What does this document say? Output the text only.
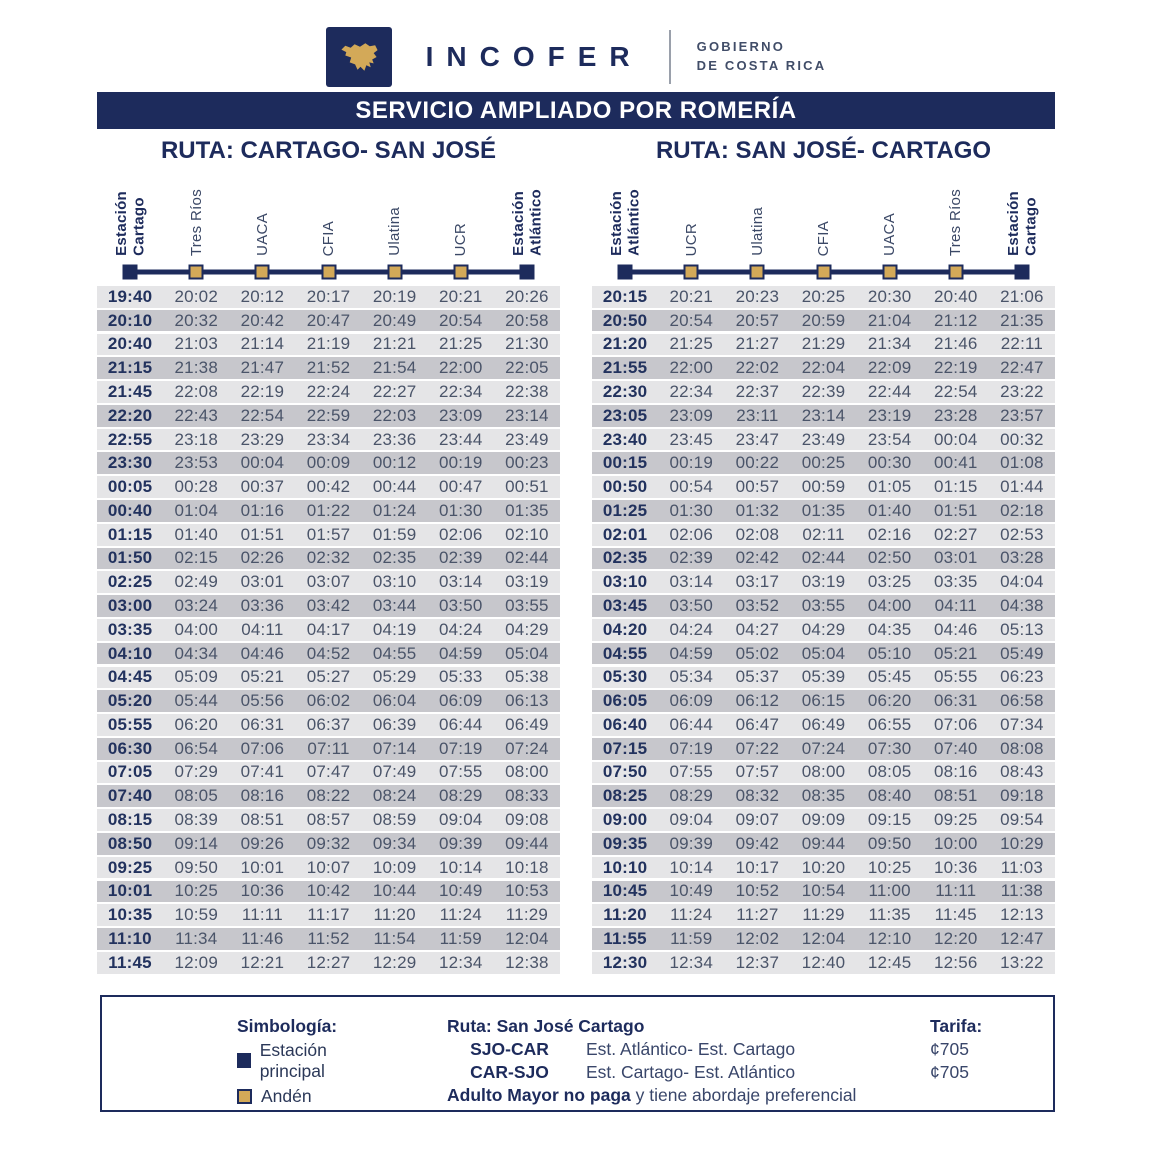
INCOFER	GOBIERNO
DE COSTA RICA
SERVICIO AMPLIADO POR ROMERÍA
RUTA: CARTAGO- SAN JOSÉ
Estación
Cartago	Tres Ríos	UACA	CFIA	Ulatina	UCR	Estación
Atlántico
19:40	20:02	20:12	20:17	20:19	20:21	20:26
20:10	20:32	20:42	20:47	20:49	20:54	20:58
20:40	21:03	21:14	21:19	21:21	21:25	21:30
21:15	21:38	21:47	21:52	21:54	22:00	22:05
21:45	22:08	22:19	22:24	22:27	22:34	22:38
22:20	22:43	22:54	22:59	22:03	23:09	23:14
22:55	23:18	23:29	23:34	23:36	23:44	23:49
23:30	23:53	00:04	00:09	00:12	00:19	00:23
00:05	00:28	00:37	00:42	00:44	00:47	00:51
00:40	01:04	01:16	01:22	01:24	01:30	01:35
01:15	01:40	01:51	01:57	01:59	02:06	02:10
01:50	02:15	02:26	02:32	02:35	02:39	02:44
02:25	02:49	03:01	03:07	03:10	03:14	03:19
03:00	03:24	03:36	03:42	03:44	03:50	03:55
03:35	04:00	04:11	04:17	04:19	04:24	04:29
04:10	04:34	04:46	04:52	04:55	04:59	05:04
04:45	05:09	05:21	05:27	05:29	05:33	05:38
05:20	05:44	05:56	06:02	06:04	06:09	06:13
05:55	06:20	06:31	06:37	06:39	06:44	06:49
06:30	06:54	07:06	07:11	07:14	07:19	07:24
07:05	07:29	07:41	07:47	07:49	07:55	08:00
07:40	08:05	08:16	08:22	08:24	08:29	08:33
08:15	08:39	08:51	08:57	08:59	09:04	09:08
08:50	09:14	09:26	09:32	09:34	09:39	09:44
09:25	09:50	10:01	10:07	10:09	10:14	10:18
10:01	10:25	10:36	10:42	10:44	10:49	10:53
10:35	10:59	11:11	11:17	11:20	11:24	11:29
11:10	11:34	11:46	11:52	11:54	11:59	12:04
11:45	12:09	12:21	12:27	12:29	12:34	12:38
RUTA: SAN JOSÉ- CARTAGO
Estación
Atlántico	UCR	Ulatina	CFIA	UACA	Tres Ríos	Estación
Cartago
20:15	20:21	20:23	20:25	20:30	20:40	21:06
20:50	20:54	20:57	20:59	21:04	21:12	21:35
21:20	21:25	21:27	21:29	21:34	21:46	22:11
21:55	22:00	22:02	22:04	22:09	22:19	22:47
22:30	22:34	22:37	22:39	22:44	22:54	23:22
23:05	23:09	23:11	23:14	23:19	23:28	23:57
23:40	23:45	23:47	23:49	23:54	00:04	00:32
00:15	00:19	00:22	00:25	00:30	00:41	01:08
00:50	00:54	00:57	00:59	01:05	01:15	01:44
01:25	01:30	01:32	01:35	01:40	01:51	02:18
02:01	02:06	02:08	02:11	02:16	02:27	02:53
02:35	02:39	02:42	02:44	02:50	03:01	03:28
03:10	03:14	03:17	03:19	03:25	03:35	04:04
03:45	03:50	03:52	03:55	04:00	04:11	04:38
04:20	04:24	04:27	04:29	04:35	04:46	05:13
04:55	04:59	05:02	05:04	05:10	05:21	05:49
05:30	05:34	05:37	05:39	05:45	05:55	06:23
06:05	06:09	06:12	06:15	06:20	06:31	06:58
06:40	06:44	06:47	06:49	06:55	07:06	07:34
07:15	07:19	07:22	07:24	07:30	07:40	08:08
07:50	07:55	07:57	08:00	08:05	08:16	08:43
08:25	08:29	08:32	08:35	08:40	08:51	09:18
09:00	09:04	09:07	09:09	09:15	09:25	09:54
09:35	09:39	09:42	09:44	09:50	10:00	10:29
10:10	10:14	10:17	10:20	10:25	10:36	11:03
10:45	10:49	10:52	10:54	11:00	11:11	11:38
11:20	11:24	11:27	11:29	11:35	11:45	12:13
11:55	11:59	12:02	12:04	12:10	12:20	12:47
12:30	12:34	12:37	12:40	12:45	12:56	13:22
Simbología:
Estación principal
Andén
Ruta: San José Cartago	Tarifa:
SJO-CAR	Est. Atlántico- Est. Cartago	¢705
CAR-SJO	Est. Cartago- Est. Atlántico	¢705
Adulto Mayor no paga y tiene abordaje preferencial
